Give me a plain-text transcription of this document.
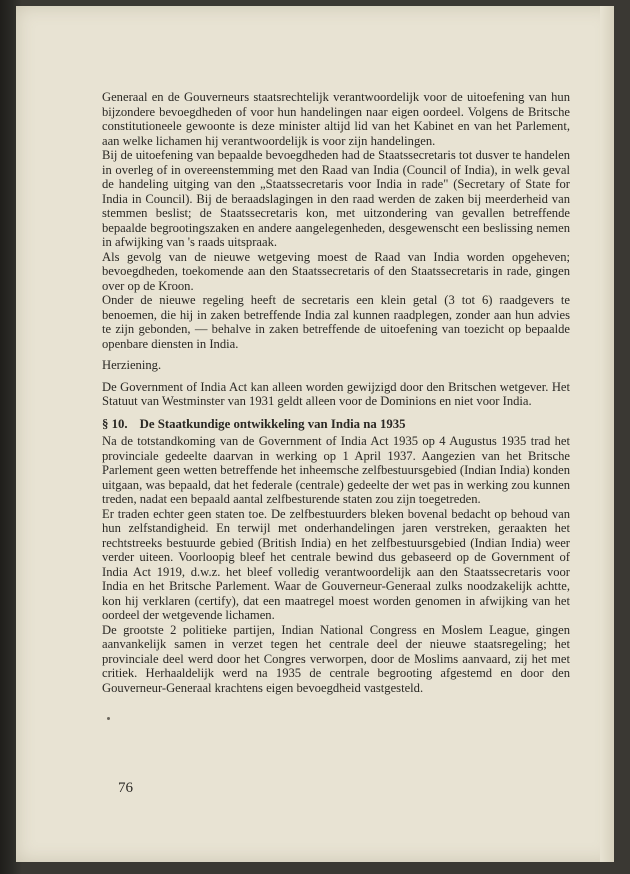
Generaal en de Gouverneurs staatsrechtelijk verantwoordelijk voor de uitoefening van hun bijzondere bevoegdheden of voor hun handelingen naar eigen oordeel. Volgens de Britsche constitutioneele gewoonte is deze minister altijd lid van het Kabinet en van het Parlement, aan welke lichamen hij verantwoordelijk is voor zijn handelingen.

Bij de uitoefening van bepaalde bevoegdheden had de Staatssecretaris tot dusver te handelen in overleg of in overeenstemming met den Raad van India (Council of India), in welk geval de handeling uitging van den „Staatssecretaris voor India in rade" (Secretary of State for India in Council). Bij de beraadslagingen in den raad werden de zaken bij meerderheid van stemmen beslist; de Staatssecretaris kon, met uitzondering van gevallen betreffende bepaalde begrootingszaken en andere aangelegenheden, desgewenscht een beslissing nemen in afwijking van 's raads uitspraak.

Als gevolg van de nieuwe wetgeving moest de Raad van India worden opgeheven; bevoegdheden, toekomende aan den Staatssecretaris of den Staatssecretaris in rade, gingen over op de Kroon.

Onder de nieuwe regeling heeft de secretaris een klein getal (3 tot 6) raadgevers te benoemen, die hij in zaken betreffende India zal kunnen raadplegen, zonder aan hun advies te zijn gebonden, — behalve in zaken betreffende de uitoefening van toezicht op bepaalde openbare diensten in India.

Herziening.

De Government of India Act kan alleen worden gewijzigd door den Britschen wetgever. Het Statuut van Westminster van 1931 geldt alleen voor de Dominions en niet voor India.

§ 10. De Staatkundige ontwikkeling van India na 1935

Na de totstandkoming van de Government of India Act 1935 op 4 Augustus 1935 trad het provinciale gedeelte daarvan in werking op 1 April 1937. Aangezien van het Britsche Parlement geen wetten betreffende het inheemsche zelfbestuursgebied (Indian India) konden uitgaan, was bepaald, dat het federale (centrale) gedeelte der wet pas in werking zou kunnen treden, nadat een bepaald aantal zelfbesturende staten zou zijn toegetreden.

Er traden echter geen staten toe. De zelfbestuurders bleken bovenal bedacht op behoud van hun zelfstandigheid. En terwijl met onderhandelingen jaren verstreken, geraakten het rechtstreeks bestuurde gebied (British India) en het zelfbestuursgebied (Indian India) weer verder uiteen. Voorloopig bleef het centrale bewind dus gebaseerd op de Government of India Act 1919, d.w.z. het bleef volledig verantwoordelijk aan den Staatssecretaris voor India en het Britsche Parlement. Waar de Gouverneur-Generaal zulks noodzakelijk achtte, kon hij verklaren (certify), dat een maatregel moest worden genomen in afwijking van het oordeel der wetgevende lichamen.

De grootste 2 politieke partijen, Indian National Congress en Moslem League, gingen aanvankelijk samen in verzet tegen het centrale deel der nieuwe staatsregeling; het provinciale deel werd door het Congres verworpen, door de Moslims aanvaard, zij het met critiek. Herhaaldelijk werd na 1935 de centrale begrooting afgestemd en door den Gouverneur-Generaal krachtens eigen bevoegdheid vastgesteld.

76
